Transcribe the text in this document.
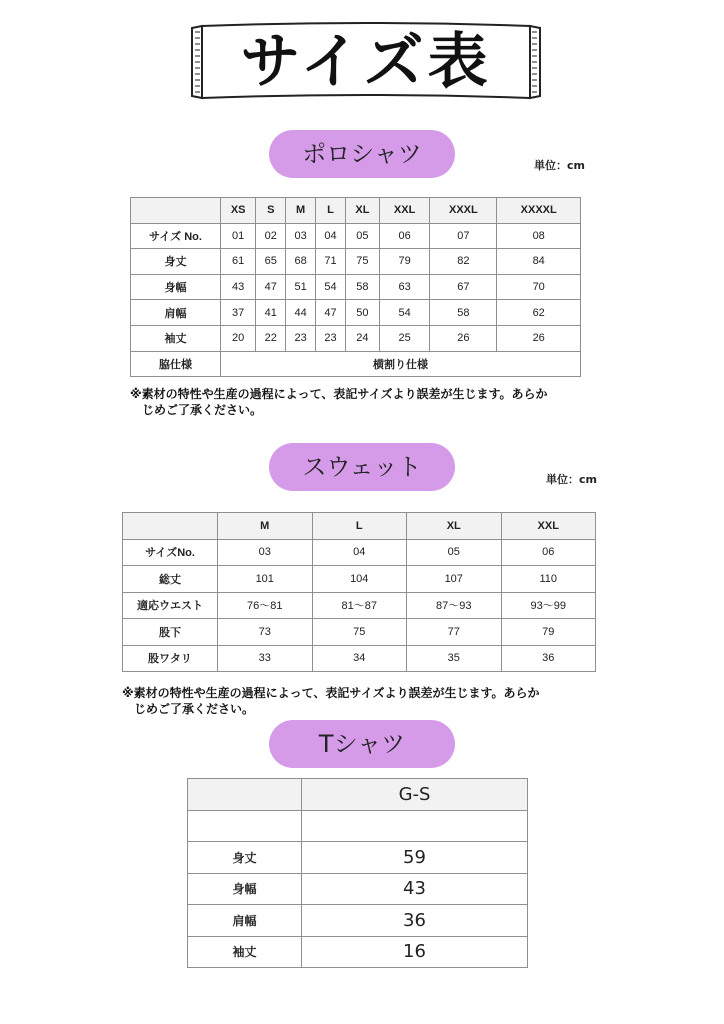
サイズ表
ポロシャツ	単位：cm
	XS	S	M	L	XL	XXL	XXXL	XXXXL
サイズ No.	01	02	03	04	05	06	07	08
身丈	61	65	68	71	75	79	82	84
身幅	43	47	51	54	58	63	67	70
肩幅	37	41	44	47	50	54	58	62
袖丈	20	22	23	23	24	25	26	26
脇仕様	横割り仕様							
※素材の特性や生産の過程によって、表記サイズより誤差が生じます。あらか
じめご了承ください。
スウェット	単位：cm
	M	L	XL	XXL
サイズNo.	03	04	05	06
総丈	101	104	107	110
適応ウエスト	76〜81	81〜87	87〜93	93〜99
股下	73	75	77	79
股ワタリ	33	34	35	36
※素材の特性や生産の過程によって、表記サイズより誤差が生じます。あらか
じめご了承ください。
Tシャツ
	G-S

身丈	59
身幅	43
肩幅	36
袖丈	16
